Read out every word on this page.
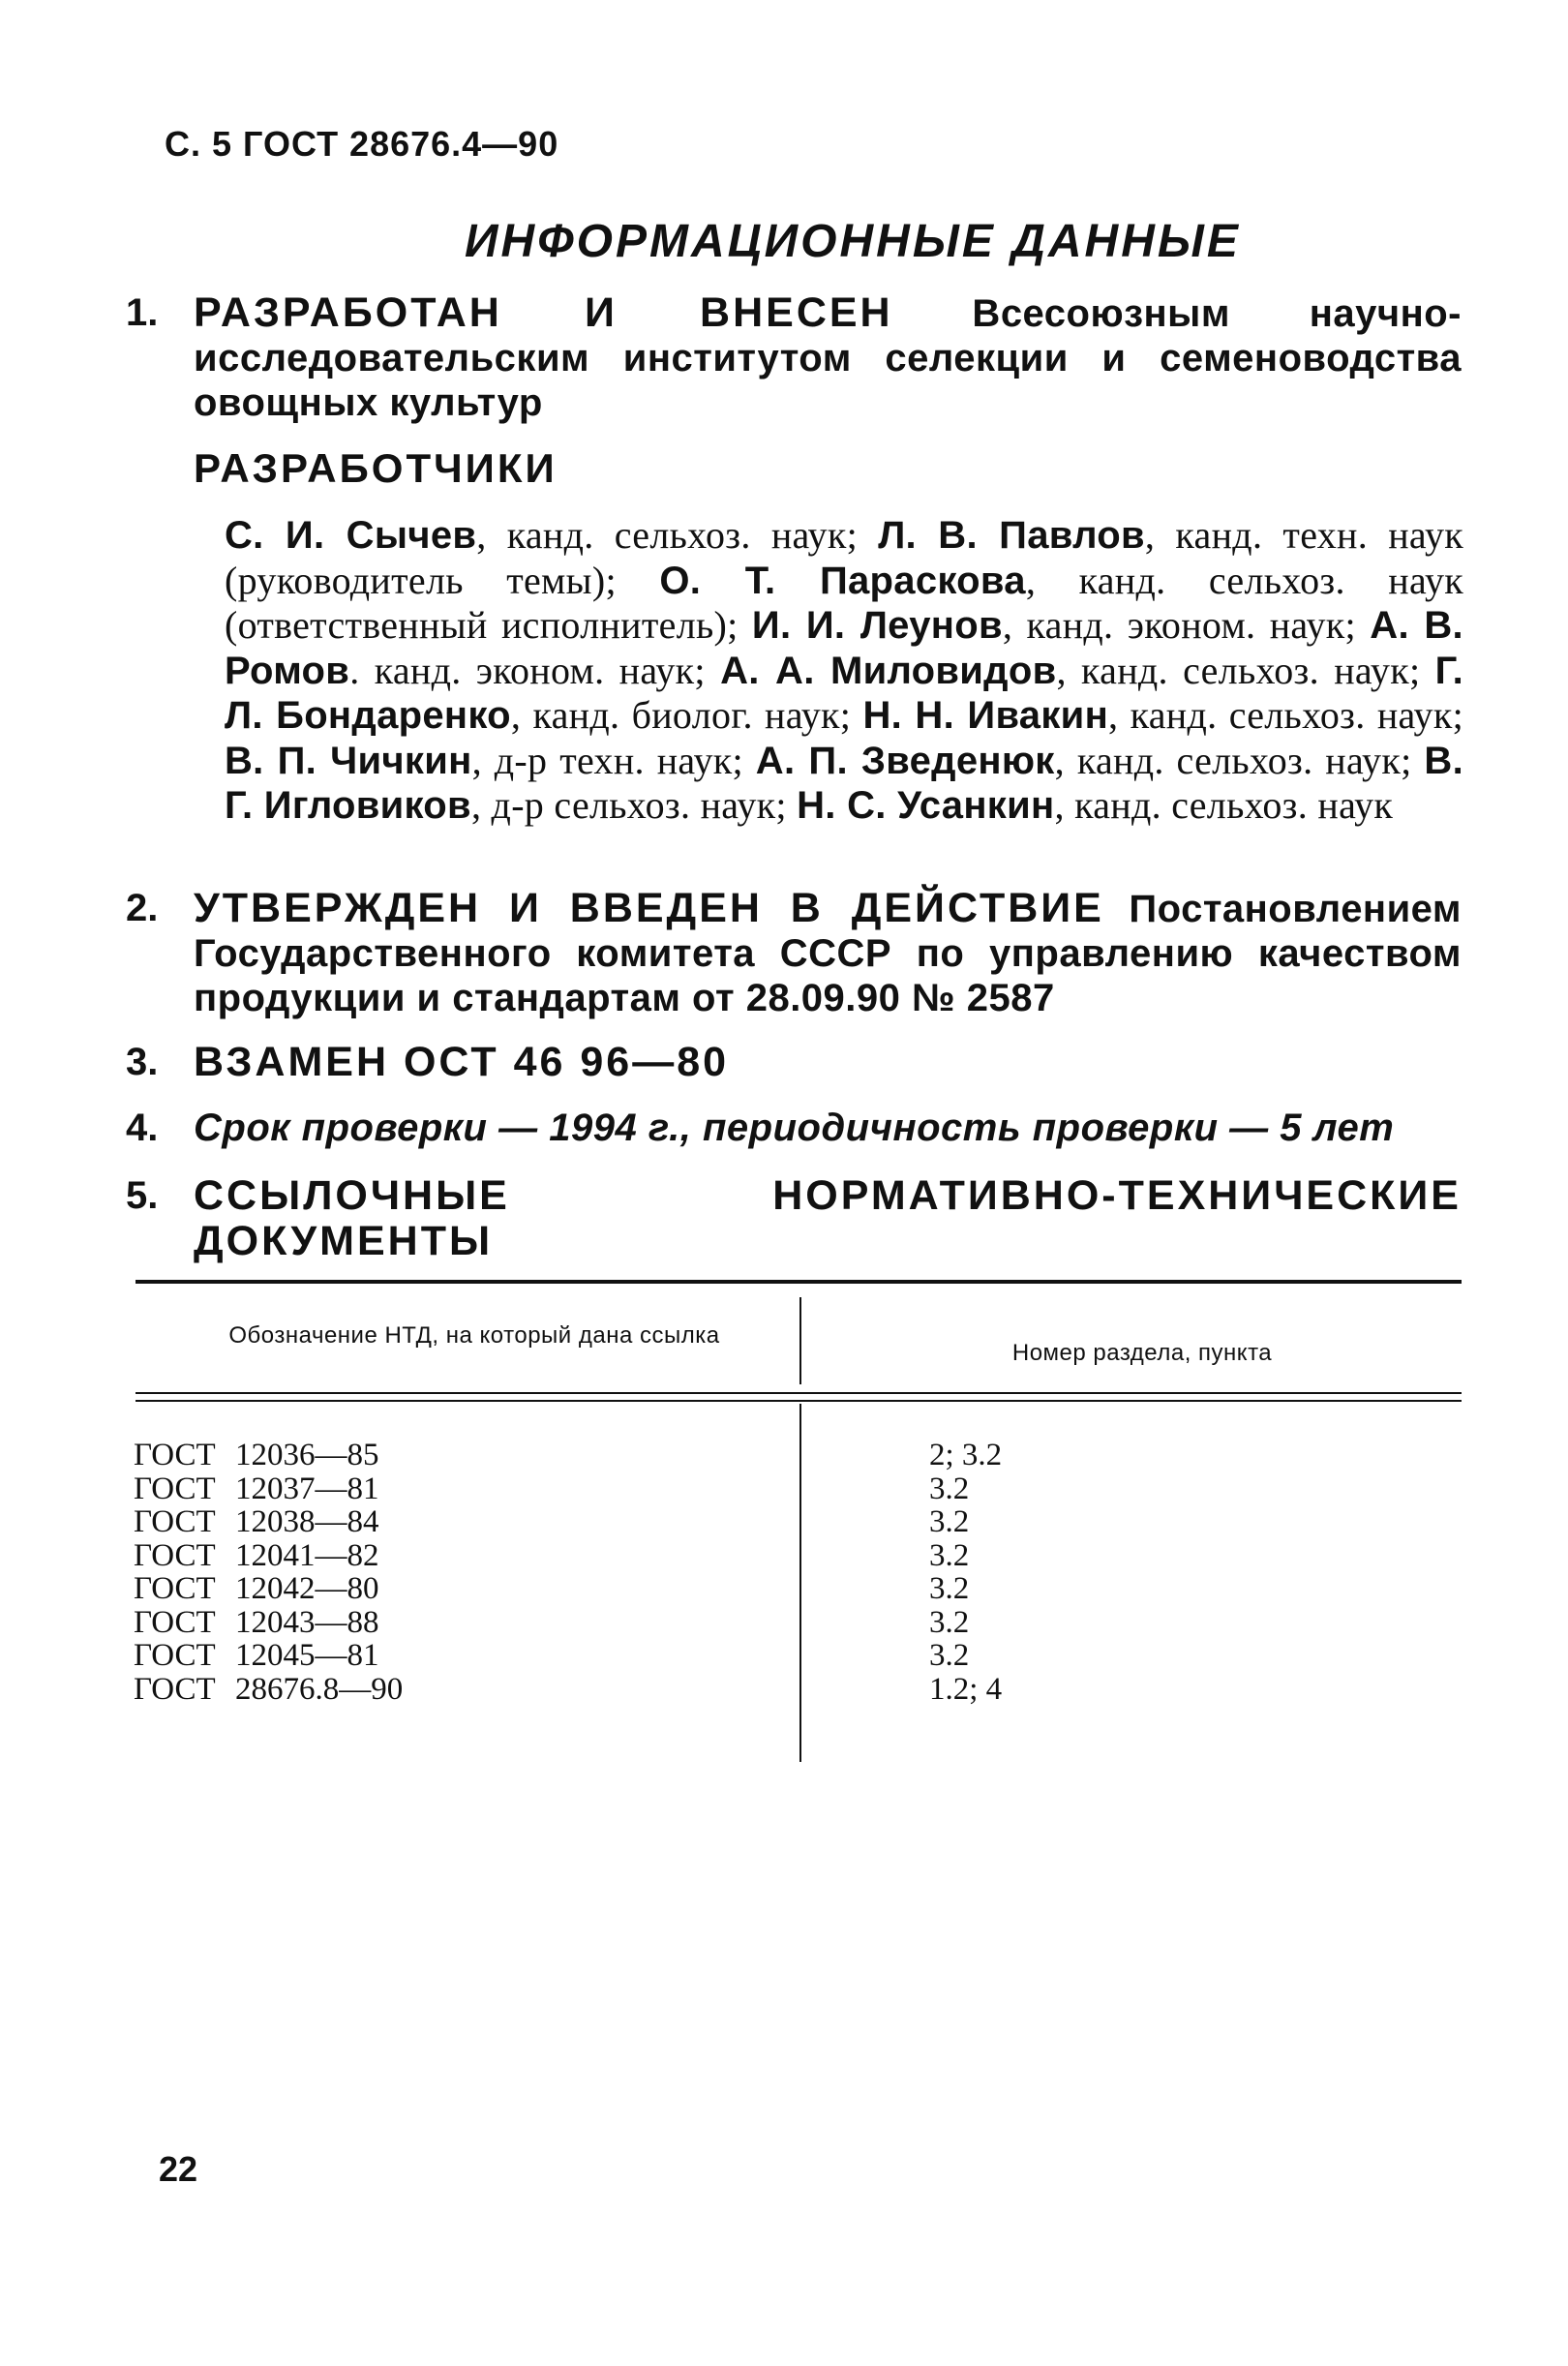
С. 5 ГОСТ 28676.4—90
ИНФОРМАЦИОННЫЕ ДАННЫЕ
1. РАЗРАБОТАН И ВНЕСЕН Всесоюзным научно-исследовательским институтом селекции и семеноводства овощных культур
РАЗРАБОТЧИКИ
С. И. Сычев, канд. сельхоз. наук; Л. В. Павлов, канд. техн. наук (руководитель темы); О. Т. Параскова, канд. сельхоз. наук (ответственный исполнитель); И. И. Леунов, канд. эконом. наук; А. В. Ромов. канд. эконом. наук; А. А. Миловидов, канд. сельхоз. наук; Г. Л. Бондаренко, канд. биолог. наук; Н. Н. Ивакин, канд. сельхоз. наук; В. П. Чичкин, д-р техн. наук; А. П. Зведенюк, канд. сельхоз. наук; В. Г. Игловиков, д-р сельхоз. наук; Н. С. Усанкин, канд. сельхоз. наук
2. УТВЕРЖДЕН И ВВЕДЕН В ДЕЙСТВИЕ Постановлением Государственного комитета СССР по управлению качеством продукции и стандартам от 28.09.90 № 2587
3. ВЗАМЕН ОСТ 46 96—80
4. Срок проверки — 1994 г., периодичность проверки — 5 лет
5. ССЫЛОЧНЫЕ НОРМАТИВНО-ТЕХНИЧЕСКИЕ ДОКУМЕНТЫ
Обозначение НТД, на который дана ссылка
Номер раздела, пункта
ГОСТ 12036—85
ГОСТ 12037—81
ГОСТ 12038—84
ГОСТ 12041—82
ГОСТ 12042—80
ГОСТ 12043—88
ГОСТ 12045—81
ГОСТ 28676.8—90
2; 3.2
3.2
3.2
3.2
3.2
3.2
3.2
1.2; 4
22
